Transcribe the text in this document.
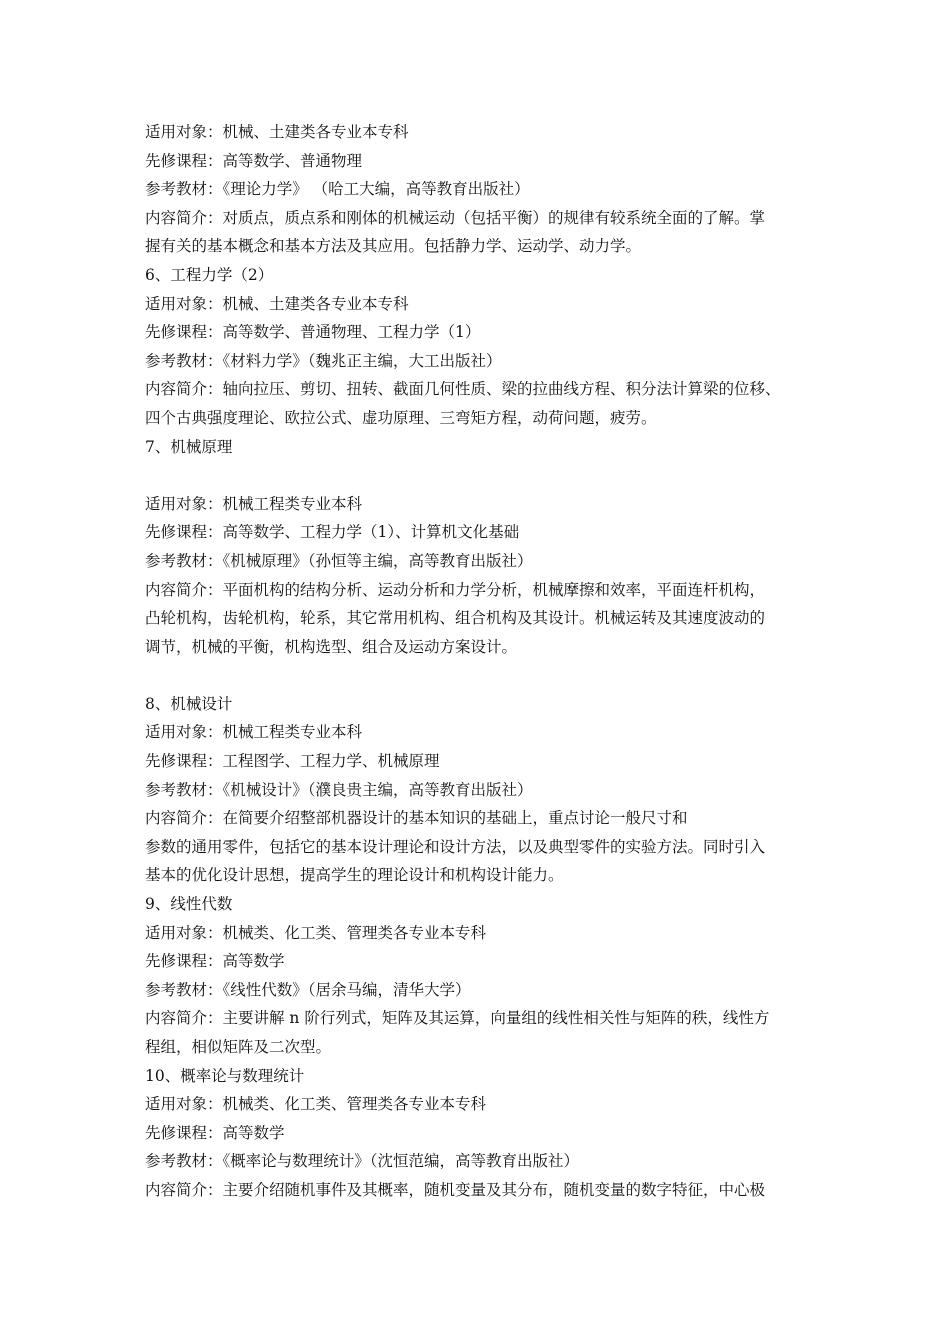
适用对象：机械、土建类各专业本专科
先修课程：高等数学、普通物理
参考教材：《理论力学》 （哈工大编，高等教育出版社）
内容简介：对质点，质点系和刚体的机械运动（包括平衡）的规律有较系统全面的了解。掌
握有关的基本概念和基本方法及其应用。包括静力学、运动学、动力学。
6、工程力学（2）
适用对象：机械、土建类各专业本专科
先修课程：高等数学、普通物理、工程力学（1）
参考教材：《材料力学》（魏兆正主编，大工出版社）
内容简介：轴向拉压、剪切、扭转、截面几何性质、梁的拉曲线方程、积分法计算梁的位移、
四个古典强度理论、欧拉公式、虚功原理、三弯矩方程，动荷问题，疲劳。
7、机械原理
适用对象：机械工程类专业本科
先修课程：高等数学、工程力学（1）、计算机文化基础
参考教材：《机械原理》（孙恒等主编，高等教育出版社）
内容简介：平面机构的结构分析、运动分析和力学分析，机械摩擦和效率，平面连杆机构，
凸轮机构，齿轮机构，轮系，其它常用机构、组合机构及其设计。机械运转及其速度波动的
调节，机械的平衡，机构选型、组合及运动方案设计。
8、机械设计
适用对象：机械工程类专业本科
先修课程：工程图学、工程力学、机械原理
参考教材：《机械设计》（濮良贵主编，高等教育出版社）
内容简介：在简要介绍整部机器设计的基本知识的基础上，重点讨论一般尺寸和
参数的通用零件，包括它的基本设计理论和设计方法，以及典型零件的实验方法。同时引入
基本的优化设计思想，提高学生的理论设计和机构设计能力。
9、线性代数
适用对象：机械类、化工类、管理类各专业本专科
先修课程：高等数学
参考教材：《线性代数》（居余马编，清华大学）
内容简介：主要讲解 n 阶行列式，矩阵及其运算，向量组的线性相关性与矩阵的秩，线性方
程组，相似矩阵及二次型。
10、概率论与数理统计
适用对象：机械类、化工类、管理类各专业本专科
先修课程：高等数学
参考教材：《概率论与数理统计》（沈恒范编，高等教育出版社）
内容简介：主要介绍随机事件及其概率，随机变量及其分布，随机变量的数字特征，中心极
